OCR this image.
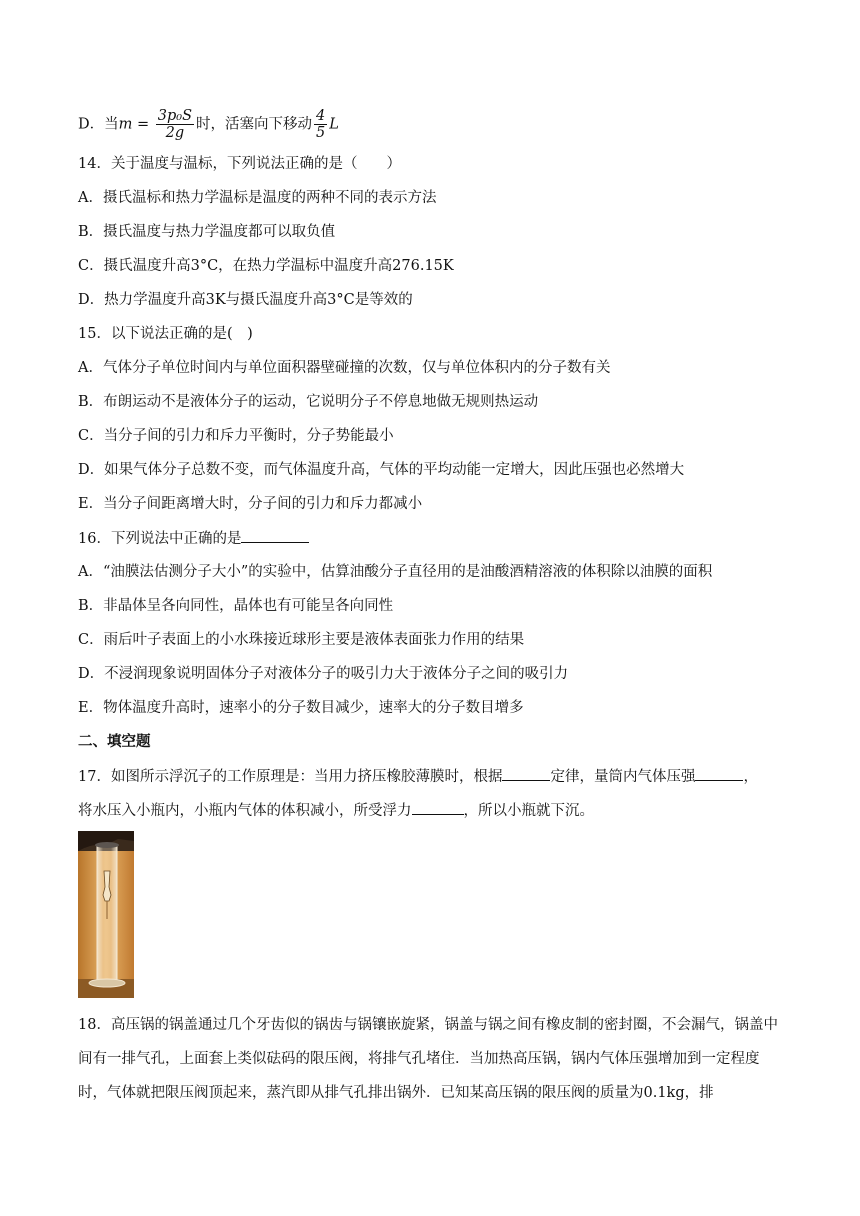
D．当$m = \frac{\text{3p₀S}}{2g}$ 时，活塞向下移动 $\frac{4}{5}$ L
14．关于温度与温标，下列说法正确的是（　　）
A．摄氏温标和热力学温标是温度的两种不同的表示方法
B．摄氏温度与热力学温度都可以取负值
C．摄氏温度升高3°C，在热力学温标中温度升高276.15K
D．热力学温度升高3K与摄氏温度升高3°C是等效的
15．以下说法正确的是(　)
A．气体分子单位时间内与单位面积器壁碰撞的次数，仅与单位体积内的分子数有关
B．布朗运动不是液体分子的运动，它说明分子不停息地做无规则热运动
C．当分子间的引力和斥力平衡时，分子势能最小
D．如果气体分子总数不变，而气体温度升高，气体的平均动能一定增大，因此压强也必然增大
E．当分子间距离增大时，分子间的引力和斥力都减小
16．下列说法中正确的是
A．“油膜法估测分子大小”的实验中，估算油酸分子直径用的是油酸酒精溶液的体积除以油膜的面积
B．非晶体呈各向同性，晶体也有可能呈各向同性
C．雨后叶子表面上的小水珠接近球形主要是液体表面张力作用的结果
D．不浸润现象说明固体分子对液体分子的吸引力大于液体分子之间的吸引力
E．物体温度升高时，速率小的分子数目减少，速率大的分子数目增多
二、填空题
17．如图所示浮沉子的工作原理是：当用力挤压橡胶薄膜时，根据	定律，量筒内气体压强	，
将水压入小瓶内，小瓶内气体的体积减小，所受浮力	，所以小瓶就下沉。
18．高压锅的锅盖通过几个牙齿似的锅齿与锅镶嵌旋紧，锅盖与锅之间有橡皮制的密封圈，不会漏气，锅盖中间有一排气孔，上面套上类似砝码的限压阀，将排气孔堵住．当加热高压锅，锅内气体压强增加到一定程度时，气体就把限压阀顶起来，蒸汽即从排气孔排出锅外．已知某高压锅的限压阀的质量为0.1kg，排
